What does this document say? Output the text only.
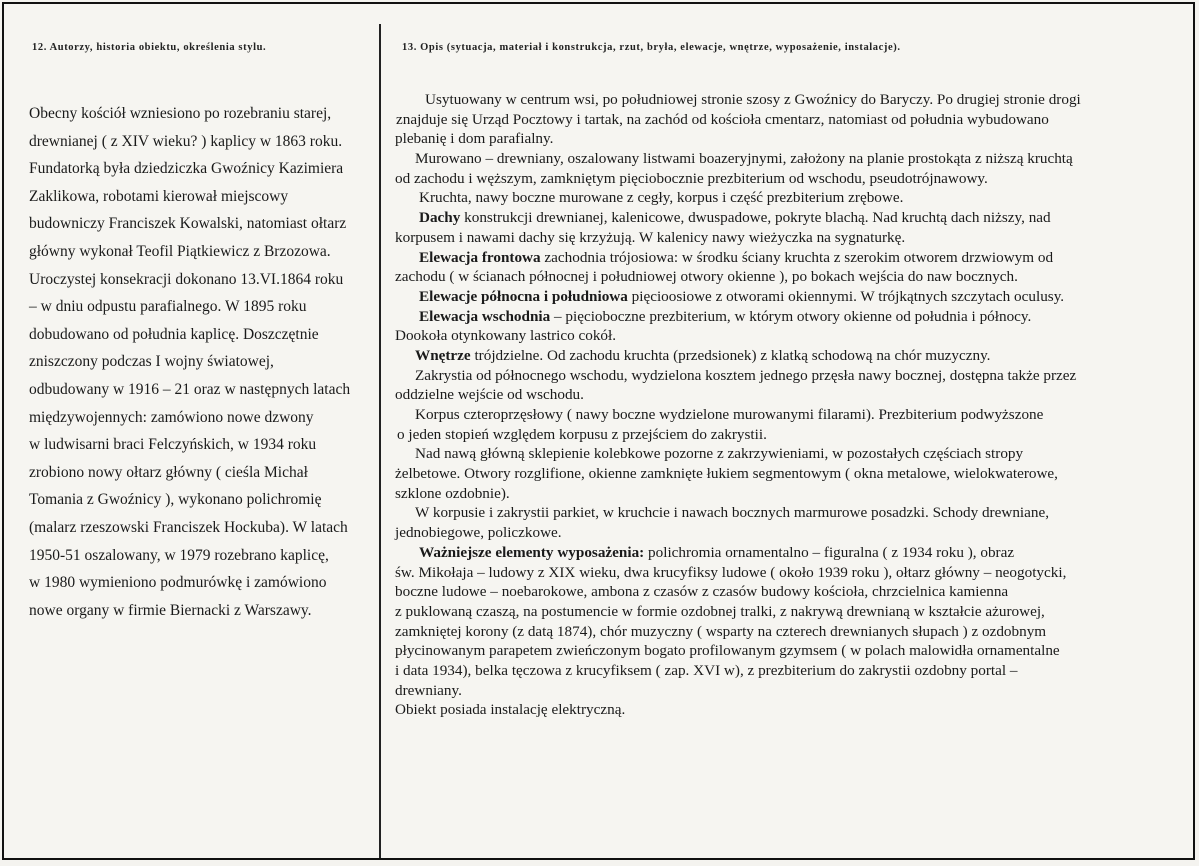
12. Autorzy, historia obiektu, określenia stylu.	13. Opis (sytuacja, materiał i konstrukcja, rzut, bryła, elewacje, wnętrze, wyposażenie, instalacje).
Obecny kościół wzniesiono po rozebraniu starej,
drewnianej ( z XIV wieku? ) kaplicy w 1863 roku.
Fundatorką była dziedziczka Gwoźnicy Kazimiera
Zaklikowa, robotami kierował miejscowy
budowniczy Franciszek Kowalski, natomiast ołtarz
główny wykonał Teofil Piątkiewicz z Brzozowa.
Uroczystej konsekracji dokonano 13.VI.1864 roku
– w dniu odpustu parafialnego. W 1895 roku
dobudowano od południa kaplicę. Doszczętnie
zniszczony podczas I wojny światowej,
odbudowany w 1916 – 21 oraz w następnych latach
międzywojennych: zamówiono nowe dzwony
w ludwisarni braci Felczyńskich, w 1934 roku
zrobiono nowy ołtarz główny ( cieśla Michał
Tomania z Gwoźnicy ), wykonano polichromię
(malarz rzeszowski Franciszek Hockuba). W latach
1950-51 oszalowany, w 1979 rozebrano kaplicę,
w 1980 wymieniono podmurówkę i zamówiono
nowe organy w firmie Biernacki z Warszawy.
Usytuowany w centrum wsi, po południowej stronie szosy z Gwoźnicy do Baryczy. Po drugiej stronie drogi
znajduje się Urząd Pocztowy i tartak, na zachód od kościoła cmentarz, natomiast od południa wybudowano
plebanię i dom parafialny.
Murowano – drewniany, oszalowany listwami boazeryjnymi, założony na planie prostokąta z niższą kruchtą
od zachodu i węższym, zamkniętym pięciobocznie prezbiterium od wschodu, pseudotrójnawowy.
Kruchta, nawy boczne murowane z cegły, korpus i część prezbiterium zrębowe.
Dachy konstrukcji drewnianej, kalenicowe, dwuspadowe, pokryte blachą. Nad kruchtą dach niższy, nad
korpusem i nawami dachy się krzyżują. W kalenicy nawy wieżyczka na sygnaturkę.
Elewacja frontowa zachodnia trójosiowa: w środku ściany kruchta z szerokim otworem drzwiowym od
zachodu ( w ścianach północnej i południowej otwory okienne ), po bokach wejścia do naw bocznych.
Elewacje północna i południowa pięcioosiowe z otworami okiennymi. W trójkątnych szczytach oculusy.
Elewacja wschodnia – pięcioboczne prezbiterium, w którym otwory okienne od południa i północy.
Dookoła otynkowany lastrico cokół.
Wnętrze trójdzielne. Od zachodu kruchta (przedsionek) z klatką schodową na chór muzyczny.
Zakrystia od północnego wschodu, wydzielona kosztem jednego przęsła nawy bocznej, dostępna także przez
oddzielne wejście od wschodu.
Korpus czteroprzęsłowy ( nawy boczne wydzielone murowanymi filarami). Prezbiterium podwyższone
o jeden stopień względem korpusu z przejściem do zakrystii.
Nad nawą główną sklepienie kolebkowe pozorne z zakrzywieniami, w pozostałych częściach stropy
żelbetowe. Otwory rozglifione, okienne zamknięte łukiem segmentowym ( okna metalowe, wielokwaterowe,
szklone ozdobnie).
W korpusie i zakrystii parkiet, w kruchcie i nawach bocznych marmurowe posadzki. Schody drewniane,
jednobiegowe, policzkowe.
Ważniejsze elementy wyposażenia: polichromia ornamentalno – figuralna ( z 1934 roku ), obraz
św. Mikołaja – ludowy z XIX wieku, dwa krucyfiksy ludowe ( około 1939 roku ), ołtarz główny – neogotycki,
boczne ludowe – noebarokowe, ambona z czasów z czasów budowy kościoła, chrzcielnica kamienna
z puklowaną czaszą, na postumencie w formie ozdobnej tralki, z nakrywą drewnianą w kształcie ażurowej,
zamkniętej korony (z datą 1874), chór muzyczny ( wsparty na czterech drewnianych słupach ) z ozdobnym
płycinowanym parapetem zwieńczonym bogato profilowanym gzymsem ( w polach malowidła ornamentalne
i data 1934), belka tęczowa z krucyfiksem ( zap. XVI w), z prezbiterium do zakrystii ozdobny portal –
drewniany.
Obiekt posiada instalację elektryczną.
